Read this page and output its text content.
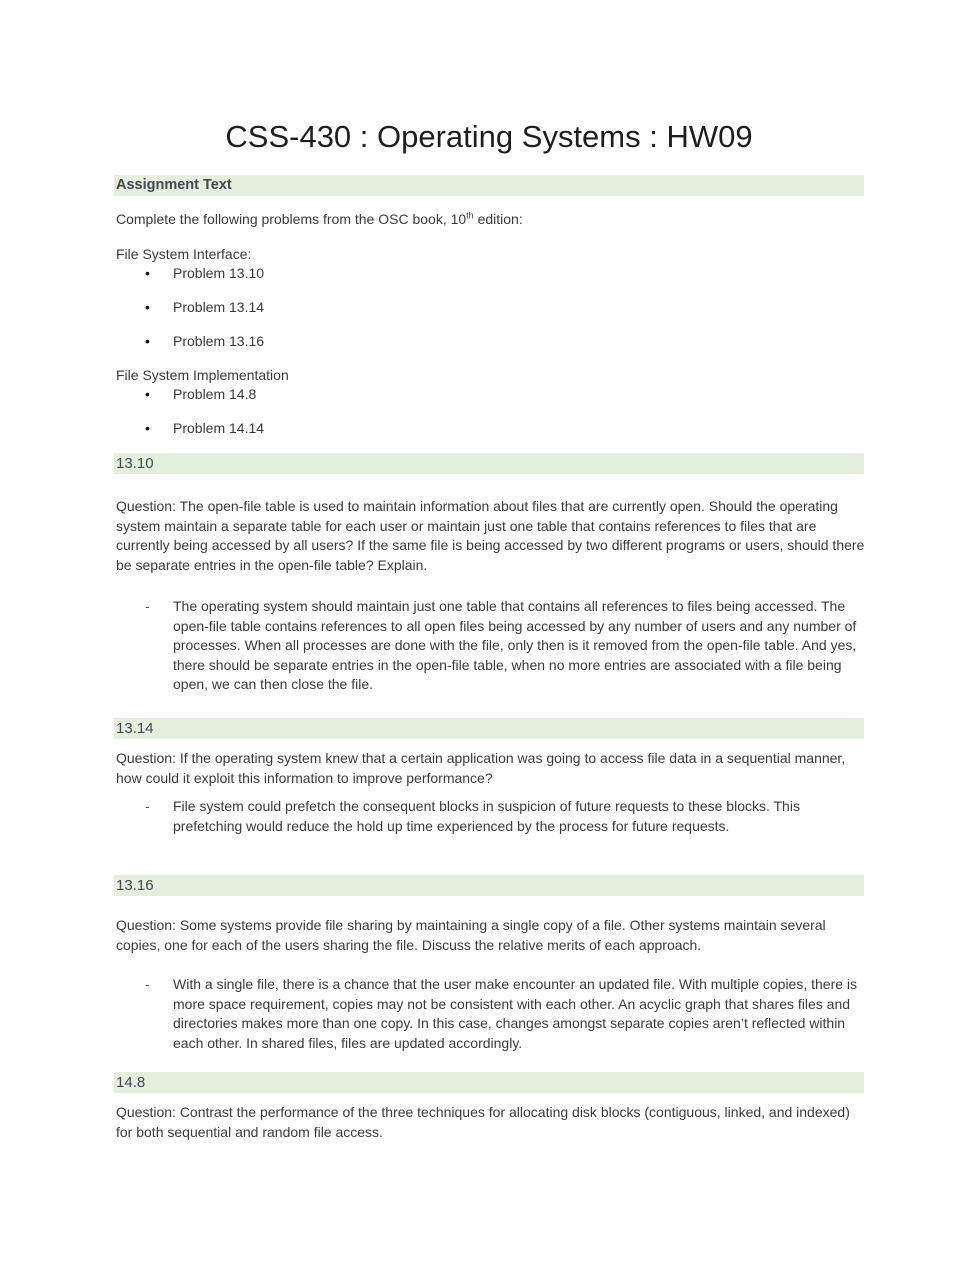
CSS-430 : Operating Systems : HW09
Assignment Text
Complete the following problems from the OSC book, 10th edition:
File System Interface:
• Problem 13.10
• Problem 13.14
• Problem 13.16
File System Implementation
• Problem 14.8
• Problem 14.14
13.10
Question: The open-file table is used to maintain information about files that are currently open. Should the operating system maintain a separate table for each user or maintain just one table that contains references to files that are currently being accessed by all users? If the same file is being accessed by two different programs or users, should there be separate entries in the open-file table? Explain.
- The operating system should maintain just one table that contains all references to files being accessed. The open-file table contains references to all open files being accessed by any number of users and any number of processes. When all processes are done with the file, only then is it removed from the open-file table. And yes, there should be separate entries in the open-file table, when no more entries are associated with a file being open, we can then close the file.
13.14
Question: If the operating system knew that a certain application was going to access file data in a sequential manner, how could it exploit this information to improve performance?
- File system could prefetch the consequent blocks in suspicion of future requests to these blocks. This prefetching would reduce the hold up time experienced by the process for future requests.
13.16
Question: Some systems provide file sharing by maintaining a single copy of a file. Other systems maintain several copies, one for each of the users sharing the file. Discuss the relative merits of each approach.
- With a single file, there is a chance that the user make encounter an updated file. With multiple copies, there is more space requirement, copies may not be consistent with each other. An acyclic graph that shares files and directories makes more than one copy. In this case, changes amongst separate copies aren’t reflected within each other. In shared files, files are updated accordingly.
14.8
Question: Contrast the performance of the three techniques for allocating disk blocks (contiguous, linked, and indexed) for both sequential and random file access.
